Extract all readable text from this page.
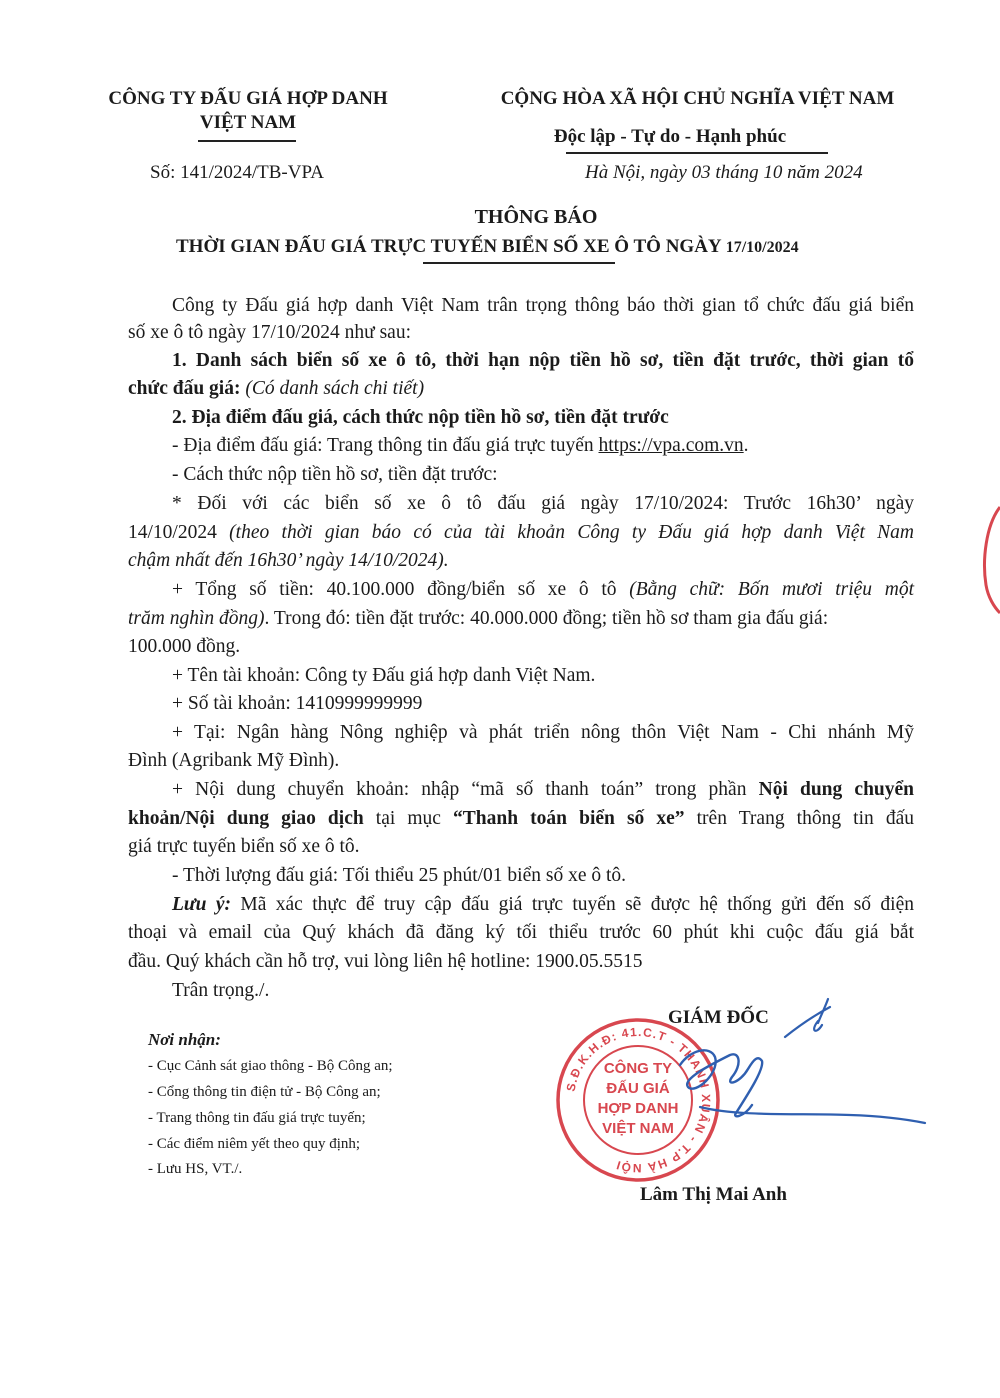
CÔNG TY ĐẤU GIÁ HỢP DANH
VIỆT NAM
Số: 141/2024/TB-VPA
CỘNG HÒA XÃ HỘI CHỦ NGHĨA VIỆT NAM
Độc lập - Tự do - Hạnh phúc
Hà Nội, ngày 03 tháng 10 năm 2024
THÔNG BÁO
THỜI GIAN ĐẤU GIÁ TRỰC TUYẾN BIỂN SỐ XE Ô TÔ NGÀY 17/10/2024
Công ty Đấu giá hợp danh Việt Nam trân trọng thông báo thời gian tổ chức đấu giá biển
số xe ô tô ngày 17/10/2024 như sau:
1. Danh sách biển số xe ô tô, thời hạn nộp tiền hồ sơ, tiền đặt trước, thời gian tổ
chức đấu giá: (Có danh sách chi tiết)
2. Địa điểm đấu giá, cách thức nộp tiền hồ sơ, tiền đặt trước
- Địa điểm đấu giá: Trang thông tin đấu giá trực tuyến https://vpa.com.vn.
- Cách thức nộp tiền hồ sơ, tiền đặt trước:
* Đối với các biển số xe ô tô đấu giá ngày 17/10/2024: Trước 16h30’ ngày
14/10/2024 (theo thời gian báo có của tài khoản Công ty Đấu giá hợp danh Việt Nam
chậm nhất đến 16h30’ ngày 14/10/2024).
+ Tổng số tiền: 40.100.000 đồng/biển số xe ô tô (Bằng chữ: Bốn mươi triệu một
trăm nghìn đồng). Trong đó: tiền đặt trước: 40.000.000 đồng; tiền hồ sơ tham gia đấu giá:
100.000 đồng.
+ Tên tài khoản: Công ty Đấu giá hợp danh Việt Nam.
+ Số tài khoản: 1410999999999
+ Tại: Ngân hàng Nông nghiệp và phát triển nông thôn Việt Nam - Chi nhánh Mỹ
Đình (Agribank Mỹ Đình).
+ Nội dung chuyển khoản: nhập “mã số thanh toán” trong phần Nội dung chuyển
khoản/Nội dung giao dịch tại mục “Thanh toán biển số xe” trên Trang thông tin đấu
giá trực tuyến biển số xe ô tô.
- Thời lượng đấu giá: Tối thiểu 25 phút/01 biển số xe ô tô.
Lưu ý: Mã xác thực để truy cập đấu giá trực tuyến sẽ được hệ thống gửi đến số điện
thoại và email của Quý khách đã đăng ký tối thiểu trước 60 phút khi cuộc đấu giá bắt
đầu. Quý khách cần hỗ trợ, vui lòng liên hệ hotline: 1900.05.5515
Trân trọng./.
Nơi nhận:
- Cục Cảnh sát giao thông - Bộ Công an;
- Cổng thông tin điện tử - Bộ Công an;
- Trang thông tin đấu giá trực tuyến;
- Các điểm niêm yết theo quy định;
- Lưu HS, VT./.
GIÁM ĐỐC
S.Đ.K.H.Đ: 41.C.T - THANH XUÂN - T.P HÀ NỘI
CÔNG TY
ĐẤU GIÁ
HỢP DANH
VIỆT NAM
Lâm Thị Mai Anh
